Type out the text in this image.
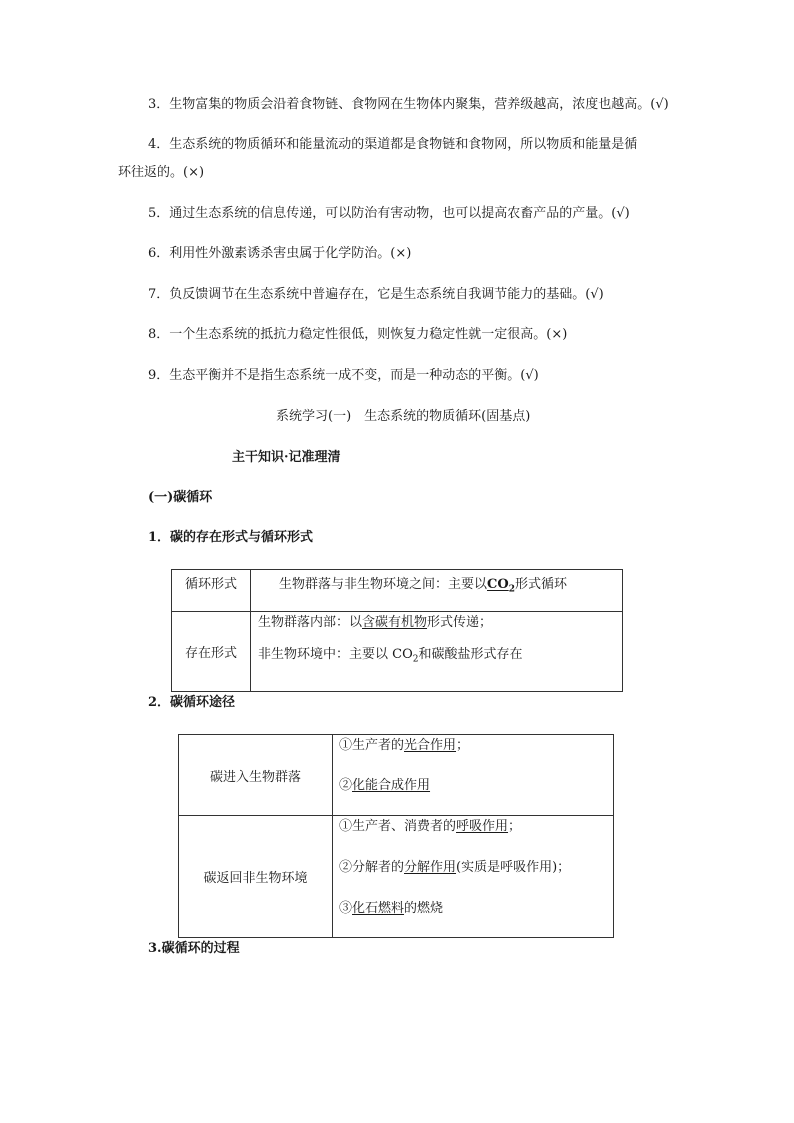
3．生物富集的物质会沿着食物链、食物网在生物体内聚集，营养级越高，浓度也越高。(√)
4．生态系统的物质循环和能量流动的渠道都是食物链和食物网，所以物质和能量是循
环往返的。(×)
5．通过生态系统的信息传递，可以防治有害动物，也可以提高农畜产品的产量。(√)
6．利用性外激素诱杀害虫属于化学防治。(×)
7．负反馈调节在生态系统中普遍存在，它是生态系统自我调节能力的基础。(√)
8．一个生态系统的抵抗力稳定性很低，则恢复力稳定性就一定很高。(×)
9．生态平衡并不是指生态系统一成不变，而是一种动态的平衡。(√)
系统学习(一)　生态系统的物质循环(固基点)
主干知识·记准理清
(一)碳循环
1．碳的存在形式与循环形式
循环形式	生物群落与非生物环境之间：主要以$CO_2$形式循环
存在形式	生物群落内部：以含碳有机物形式传递；
非生物环境中：主要以 $CO_2$和碳酸盐形式存在
2．碳循环途径
碳进入生物群落	①生产者的光合作用；
②化能合成作用

碳返回非生物环境	①生产者、消费者的呼吸作用；
②分解者的分解作用(实质是呼吸作用)；
③化石燃料的燃烧
3.碳循环的过程
